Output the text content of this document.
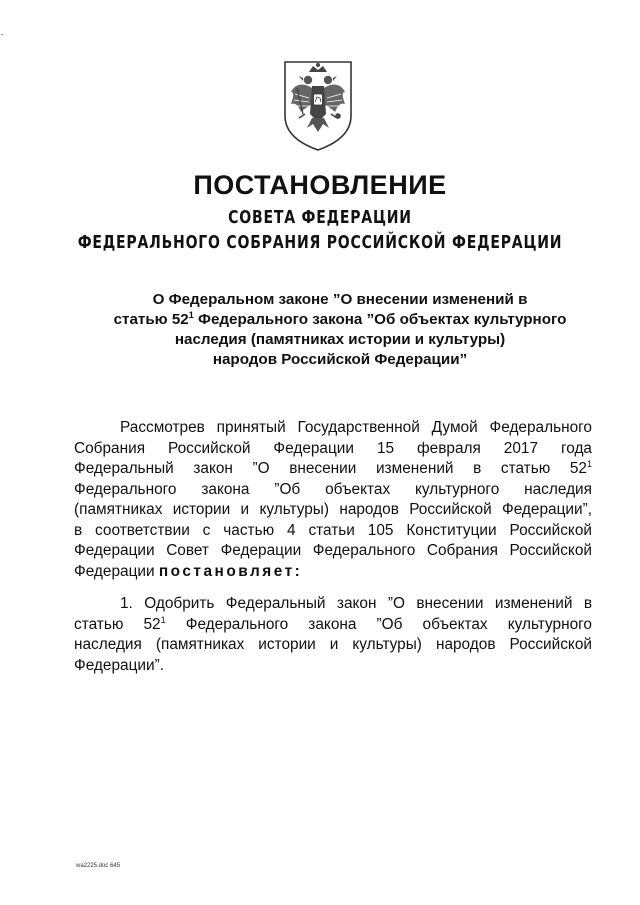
ПОСТАНОВЛЕНИЕ
СОВЕТА ФЕДЕРАЦИИ
ФЕДЕРАЛЬНОГО СОБРАНИЯ РОССИЙСКОЙ ФЕДЕРАЦИИ
О Федеральном законе ”О внесении изменений в
статью $52^1$ Федерального закона ”Об объектах культурного
наследия (памятниках истории и культуры)
народов Российской Федерации”
Рассмотрев принятый Государственной Думой Федерального
Собрания Российской Федерации 15 февраля 2017 года
Федеральный закон ”О внесении изменений в статью $52^1$
Федерального закона ”Об объектах культурного наследия
(памятниках истории и культуры) народов Российской Федерации”,
в соответствии с частью 4 статьи 105 Конституции Российской
Федерации Совет Федерации Федерального Собрания Российской
Федерации постановляет:
1. Одобрить Федеральный закон ”О внесении изменений в
статью $52^1$ Федерального закона ”Об объектах культурного
наследия (памятниках истории и культуры) народов Российской
Федерации”.
wa2225.doc 645
